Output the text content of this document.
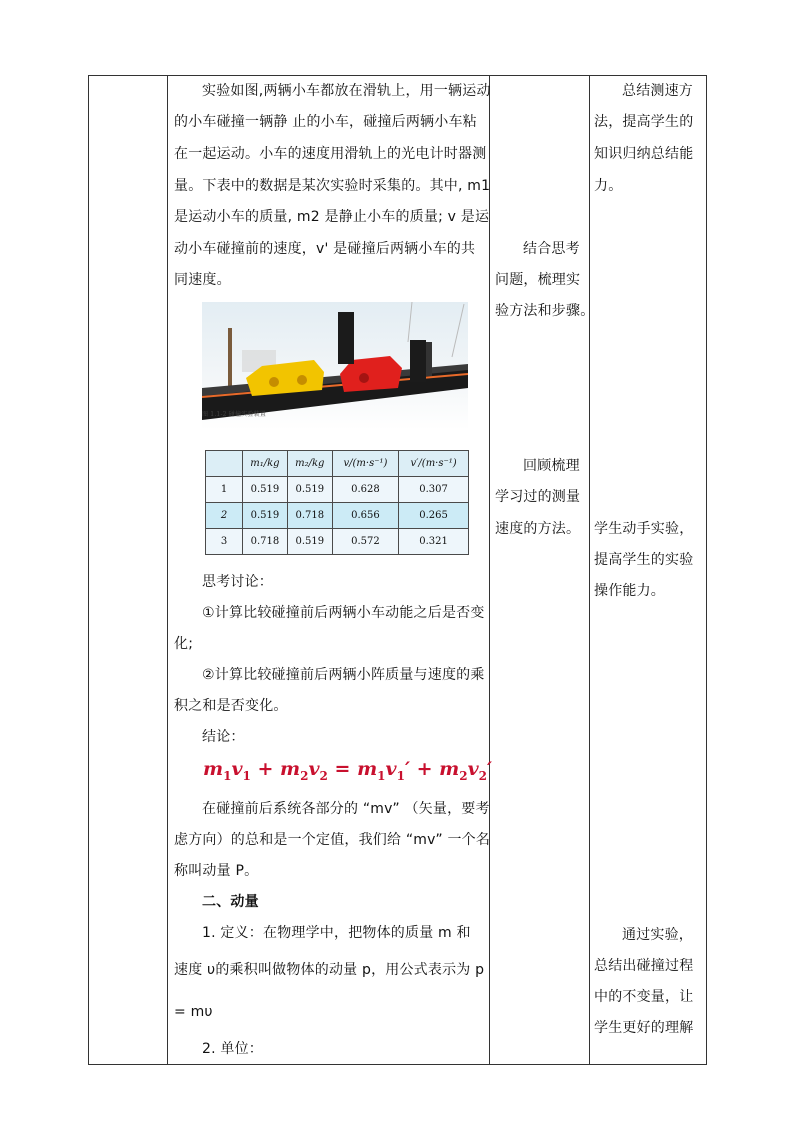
实验如图,两辆小车都放在滑轨上，用一辆运动
的小车碰撞一辆静 止的小车，碰撞后两辆小车粘
在一起运动。小车的速度用滑轨上的光电计时器测
量。下表中的数据是某次实验时采集的。其中, m1
是运动小车的质量, m2 是静止小车的质量; v 是运
动小车碰撞前的速度，v' 是碰撞后两辆小车的共
同速度。
图 1.1-2 碰撞实验装置
	m₁/kg	m₂/kg	v/(m·s⁻¹)	v′/(m·s⁻¹)
1	0.519	0.519	0.628	0.307
2	0.519	0.718	0.656	0.265
3	0.718	0.519	0.572	0.321
思考讨论：
①计算比较碰撞前后两辆小车动能之后是否变
化;
②计算比较碰撞前后两辆小阵质量与速度的乘
积之和是否变化。
结论：
$m_1v_1 + m_2v_2 = m_1v_1' + m_2v_2'$
在碰撞前后系统各部分的 “mv” （矢量，要考
虑方向）的总和是一个定值，我们给 “mv” 一个名
称叫动量 P。
二、动量
1. 定义：在物理学中，把物体的质量 m 和
速度 υ的乘积叫做物体的动量 p，用公式表示为 p
= mυ
2. 单位：
结合思考
问题，梳理实
验方法和步骤。
回顾梳理
学习过的测量
速度的方法。
总结测速方
法，提高学生的
知识归纳总结能
力。
学生动手实验，
提高学生的实验
操作能力。
通过实验，
总结出碰撞过程
中的不变量，让
学生更好的理解
